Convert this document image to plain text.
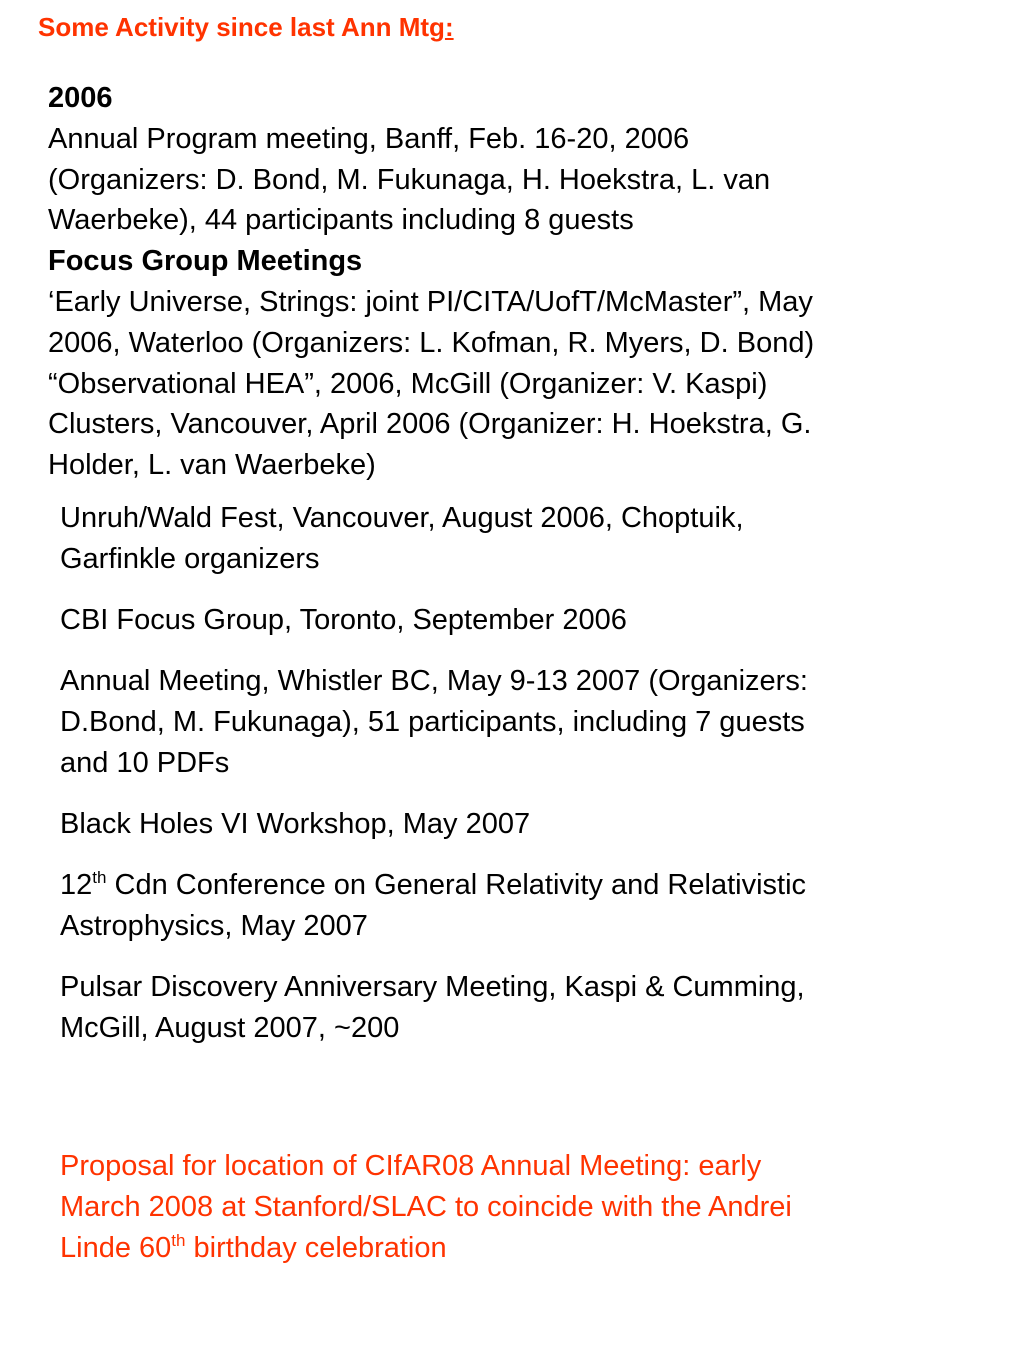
Some Activity since last Ann Mtg:
2006
Annual Program meeting, Banff, Feb. 16-20, 2006
(Organizers: D. Bond, M. Fukunaga, H. Hoekstra, L. van
Waerbeke), 44 participants including 8 guests
Focus Group Meetings
‘Early Universe, Strings: joint PI/CITA/UofT/McMaster”, May
2006, Waterloo (Organizers: L. Kofman, R. Myers, D. Bond)
“Observational HEA”, 2006, McGill (Organizer: V. Kaspi)
Clusters, Vancouver, April 2006 (Organizer: H. Hoekstra, G.
Holder, L. van Waerbeke)
Unruh/Wald Fest, Vancouver, August 2006, Choptuik,
Garfinkle organizers
CBI Focus Group, Toronto, September 2006
Annual Meeting, Whistler BC, May 9-13 2007 (Organizers:
D.Bond, M. Fukunaga), 51 participants, including 7 guests
and 10 PDFs
Black Holes VI Workshop, May 2007
12th Cdn Conference on General Relativity and Relativistic
Astrophysics, May 2007
Pulsar Discovery Anniversary Meeting, Kaspi & Cumming,
McGill, August 2007, ~200
Proposal for location of CIfAR08 Annual Meeting: early
March 2008 at Stanford/SLAC to coincide with the Andrei
Linde 60th birthday celebration
